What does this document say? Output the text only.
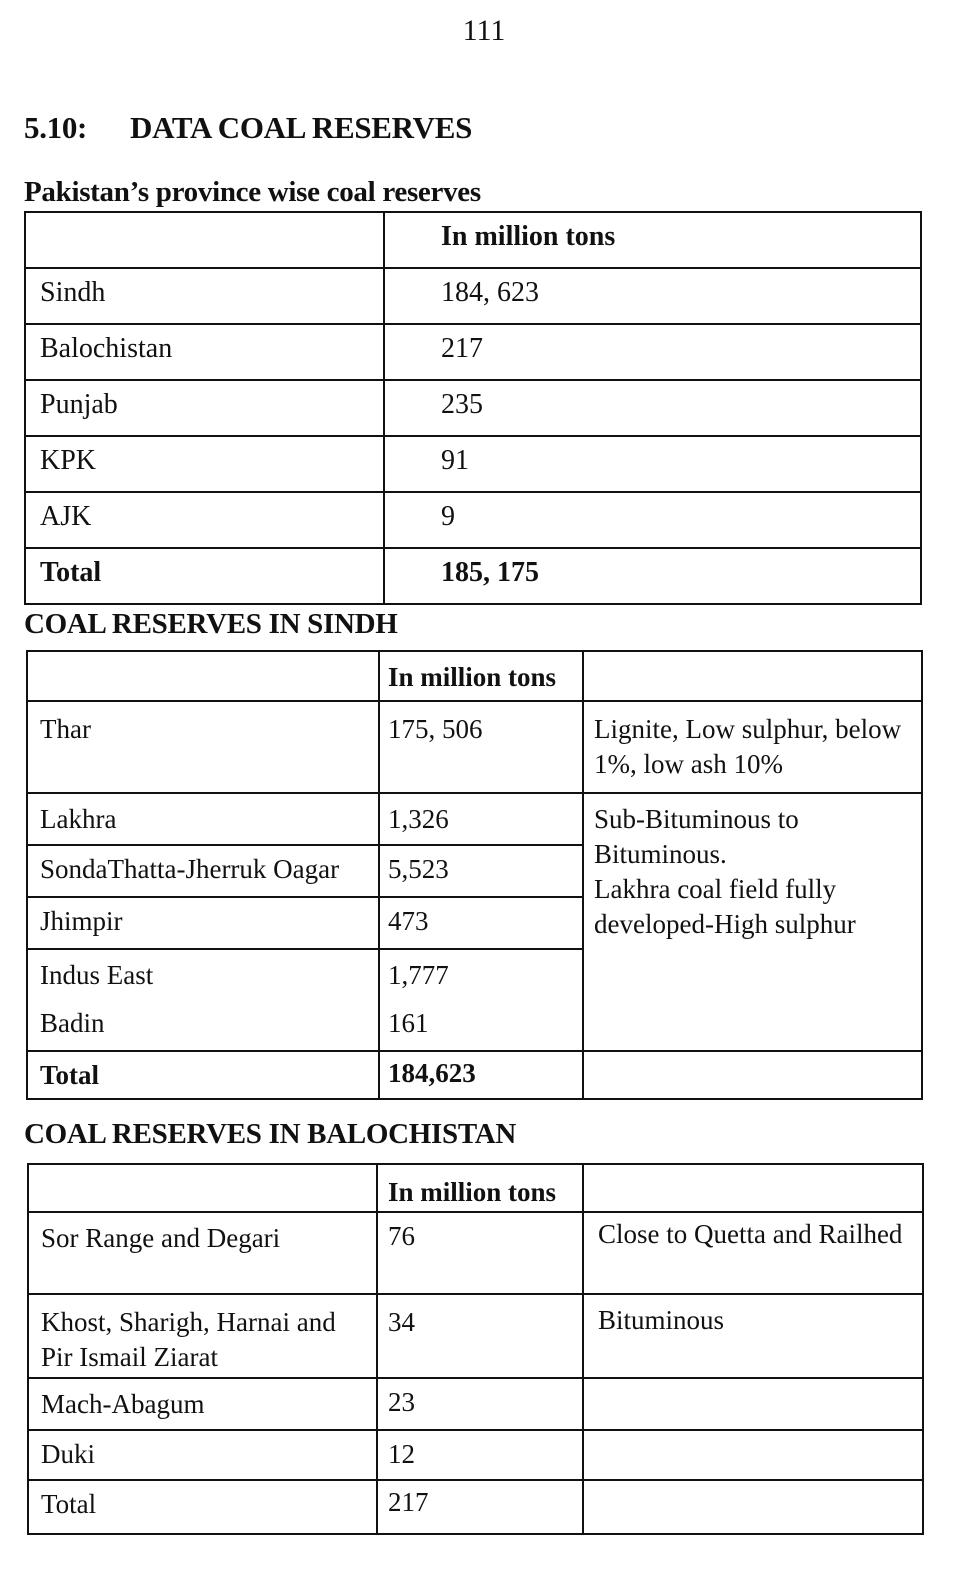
111
5.10: DATA COAL RESERVES
Pakistan’s province wise coal reserves
	In million tons
Sindh	184, 623
Balochistan	217
Punjab	235
KPK	91
AJK	9
Total	185, 175
COAL RESERVES IN SINDH
	In million tons	
Thar	175, 506	Lignite, Low sulphur, below 1%, low ash 10%
Lakhra	1,326	Sub-Bituminous to Bituminous.
Lakhra coal field fully developed-High sulphur

SondaThatta-Jherruk Oagar	5,523	
Jhimpir	473	
Indus East	1,777	
Badin	161	
Total	184,623	
COAL RESERVES IN BALOCHISTAN
	In million tons	
Sor Range and Degari	76	Close to Quetta and Railhed
Khost, Sharigh, Harnai and Pir Ismail Ziarat	34	Bituminous
Mach-Abagum	23	
Duki	12	
Total	217	
